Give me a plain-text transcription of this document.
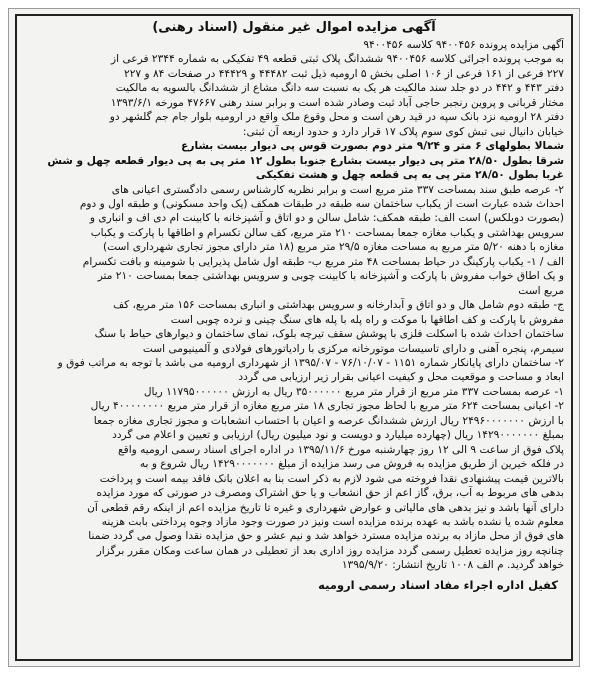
آگهی مزایده اموال غیر منقول (اسناد رهنی)
آگهی مزایده پرونده ۹۴۰۰۴۵۶ کلاسه ۹۴۰۰۴۵۶
به موجب پرونده اجرائی کلاسه ۹۴۰۰۴۵۶ ششدانگ پلاک ثبتی قطعه ۴۹ تفکیکی به شماره ۲۳۴۴ فرعی از
۲۲۷ فرعی از ۱۶۱ فرعی از ۱۰۶ اصلی بخش ۵ ارومیه ذیل ثبت ۴۴۴۸۲ و ۴۴۴۲۹ در صفحات ۸۴ و ۲۲۷
دفتر ۴۴۳ و ۴۴۲ در دو جلد سند مالکیت هر یک به نسبت سه دانگ مشاع از ششدانگ بالسویه به مالکیت
مختار قربانی و پروین رنجبر حاجی آباد ثبت وصادر شده است و برابر سند رهنی ۴۷۶۶۷ مورخه ۱۳۹۳/۶/۱
دفتر ۲۸ ارومیه نزد بانک سپه در قید رهن است و محل وقوع ملک واقع در ارومیه بلوار جام جم گلشهر دو
خیابان دانیال نبی تبش کوی سوم پلاک ۱۷ قرار دارد و حدود اربعه آن ثبتی:
شمالا بطولهای ۶ متر و ۹/۲۴ متر دوم بصورت قوس پی دیوار بیست بشارع
شرقا بطول ۲۸/۵۰ متر پی دیوار بیست بشارع جنوبا بطول ۱۲ متر پی به پی دیوار قطعه چهل و شش
غربا بطول ۲۸/۵۰ متر پی به پی قطعه چهل و هشت تفکیکی
۲- عرصه طبق سند بمساحت ۳۳۷ متر مربع است و برابر نظریه کارشناس رسمی دادگستری اعیانی های
احداث شده عبارت است از یکباب ساختمان سه طبقه در طبقات همکف (یک واحد مسکونی) و طبقه اول و دوم
(بصورت دوبلکس) است الف: طبقه همکف: شامل سالن و دو اتاق و آشپزخانه با کابینت ام دی اف و انباری و
سرویس بهداشتی و یکباب مغازه جمعا بمساحت ۲۱۰ متر مربع، کف سالن تکسرام و اطاقها با پارکت و یکباب
مغازه با دهنه ۵/۲۰ متر مربع به مساحت مغازه ۲۹/۵ متر مربع (۱۸ متر دارای مجوز تجاری شهرداری است)
الف / ۱- یکباب پارکینگ در حیاط بمساحت ۴۸ متر مربع ب- طبقه اول شامل پذیرایی با شومینه و بافت تکسرام
و یک اطاق خواب مفروش با پارکت و آشپزخانه با کابینت چوبی و سرویس بهداشتی جمعا بمساحت ۲۱۰ متر
مربع است
ج- طبقه دوم شامل هال و دو اتاق و آبدارخانه و سرویس بهداشتی و انباری بمساحت ۱۵۶ متر مربع، کف
مفروش با پارکت و کف اطاقها با موکت و راه پله با پله های سنگ چینی و نرده چوبی است
ساختمان احداث شده با اسکلت فلزی با پوشش سقف تیرچه بلوک، نمای ساختمان و دیوارهای حیاط با سنگ
سیمرم، پنجره آهنی و دارای تاسیسات موتورخانه مرکزی با رادیاتورهای فولادی و آلمینیومی است
۲- ساختمان دارای پایانکار شماره ۱۱۵۱ - ۷۶/۱۰/۰۷ - ۱۳۹۵/۰۷ از شهرداری ارومیه می باشد با توجه به مراتب فوق و
ابعاد و مساحت و موقعیت محل و کیفیت اعیانی بقرار زیر ارزیابی می گردد
۱- عرصه بمساحت ۳۳۷ متر مربع از قرار متر مربع ۳۵۰۰۰۰۰۰ ریال به ارزش ۱۱۷۹۵۰۰۰۰۰۰ ریال
۲- اعیانی بمساحت ۶۲۴ متر مربع با لحاظ مجوز تجاری ۱۸ متر مربع مغازه از قرار متر مربع ۴۰۰۰۰۰۰۰۰ ریال
با ارزش ۲۴۹۶۰۰۰۰۰۰۰ ریال ارزش ششدانگ عرصه و اعیان با احتساب انشعابات و مجوز تجاری مغازه جمعا
بمبلغ ۱۴۲۹۰۰۰۰۰۰۰ ریال (چهارده میلیارد و دویست و نود میلیون ریال) ارزیابی و تعیین و اعلام می گردد
پلاک فوق از ساعت ۹ الی ۱۲ روز چهارشنبه مورخ ۱۳۹۵/۱۱/۶ در اداره اجرای اسناد رسمی ارومیه واقع
در فلکه خیرین از طریق مزایده به فروش می رسد مزایده از مبلغ ۱۴۲۹۰۰۰۰۰۰۰ ریال شروع و به
بالاترین قیمت پیشنهادی نقدا فروخته می شود لازم به ذکر است بنا به اعلان بانک فاقد بیمه است و پرداخت
بدهی های مربوط به آب، برق، گاز اعم از حق انشعاب و یا حق اشتراک ومصرف در صورتی که مورد مزایده
دارای آنها باشد و نیز بدهی های مالیاتی و عوارض شهرداری و غیره تا تاریخ مزایده اعم از اینکه رقم قطعی آن
معلوم شده یا نشده باشد به عهده برنده مزایده است ونیز در صورت وجود مازاد وجوه پرداختی بابت هزینه
های فوق از محل مازاد به برنده مزایده مسترد خواهد شد و نیم عشر و حق مزایده نقدا وصول می گردد ضمنا
چنانچه روز مزایده تعطیل رسمی گردد مزایده روز اداری بعد از تعطیلی در همان ساعت ومکان مقرر برگزار
خواهد گردید. م الف ۱۰۰۸ تاریخ انتشار: ۱۳۹۵/۹/۲۰
کفیل اداره اجراء مفاد اسناد رسمی ارومیه
